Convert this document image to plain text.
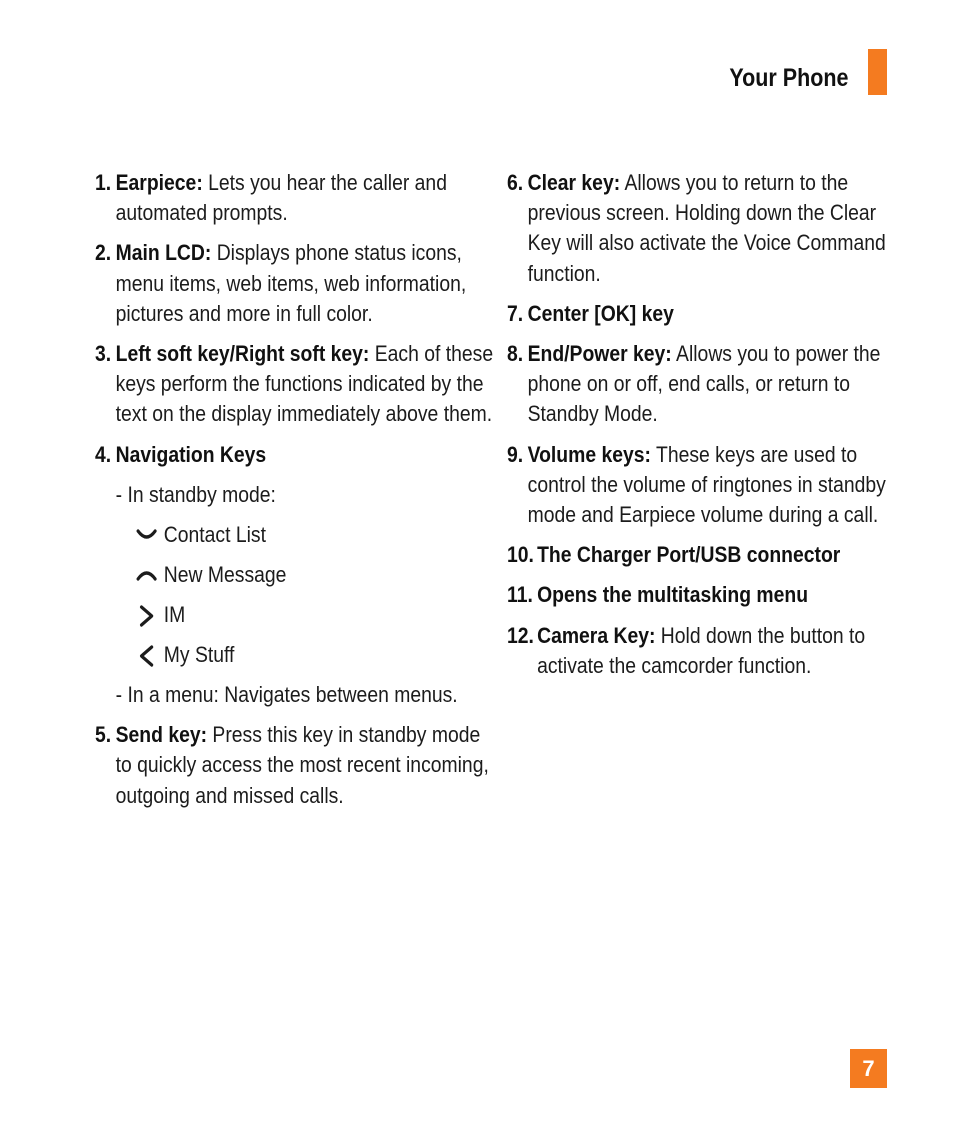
Your Phone
1. Earpiece: Lets you hear the caller and automated prompts.
2. Main LCD: Displays phone status icons, menu items, web items, web information, pictures and more in full color.
3. Left soft key/Right soft key: Each of these keys perform the functions indicated by the text on the display immediately above them.
4. Navigation Keys
- In standby mode:
Contact List
New Message
IM
My Stuff
- In a menu: Navigates between menus.
5. Send key: Press this key in standby mode to quickly access the most recent incoming, outgoing and missed calls.
6. Clear key: Allows you to return to the previous screen. Holding down the Clear Key will also activate the Voice Command function.
7. Center [OK] key
8. End/Power key: Allows you to power the phone on or off, end calls, or return to Standby Mode.
9. Volume keys: These keys are used to control the volume of ringtones in standby mode and Earpiece volume during a call.
10. The Charger Port/USB connector
11. Opens the multitasking menu
12. Camera Key: Hold down the button to activate the camcorder function.
7
